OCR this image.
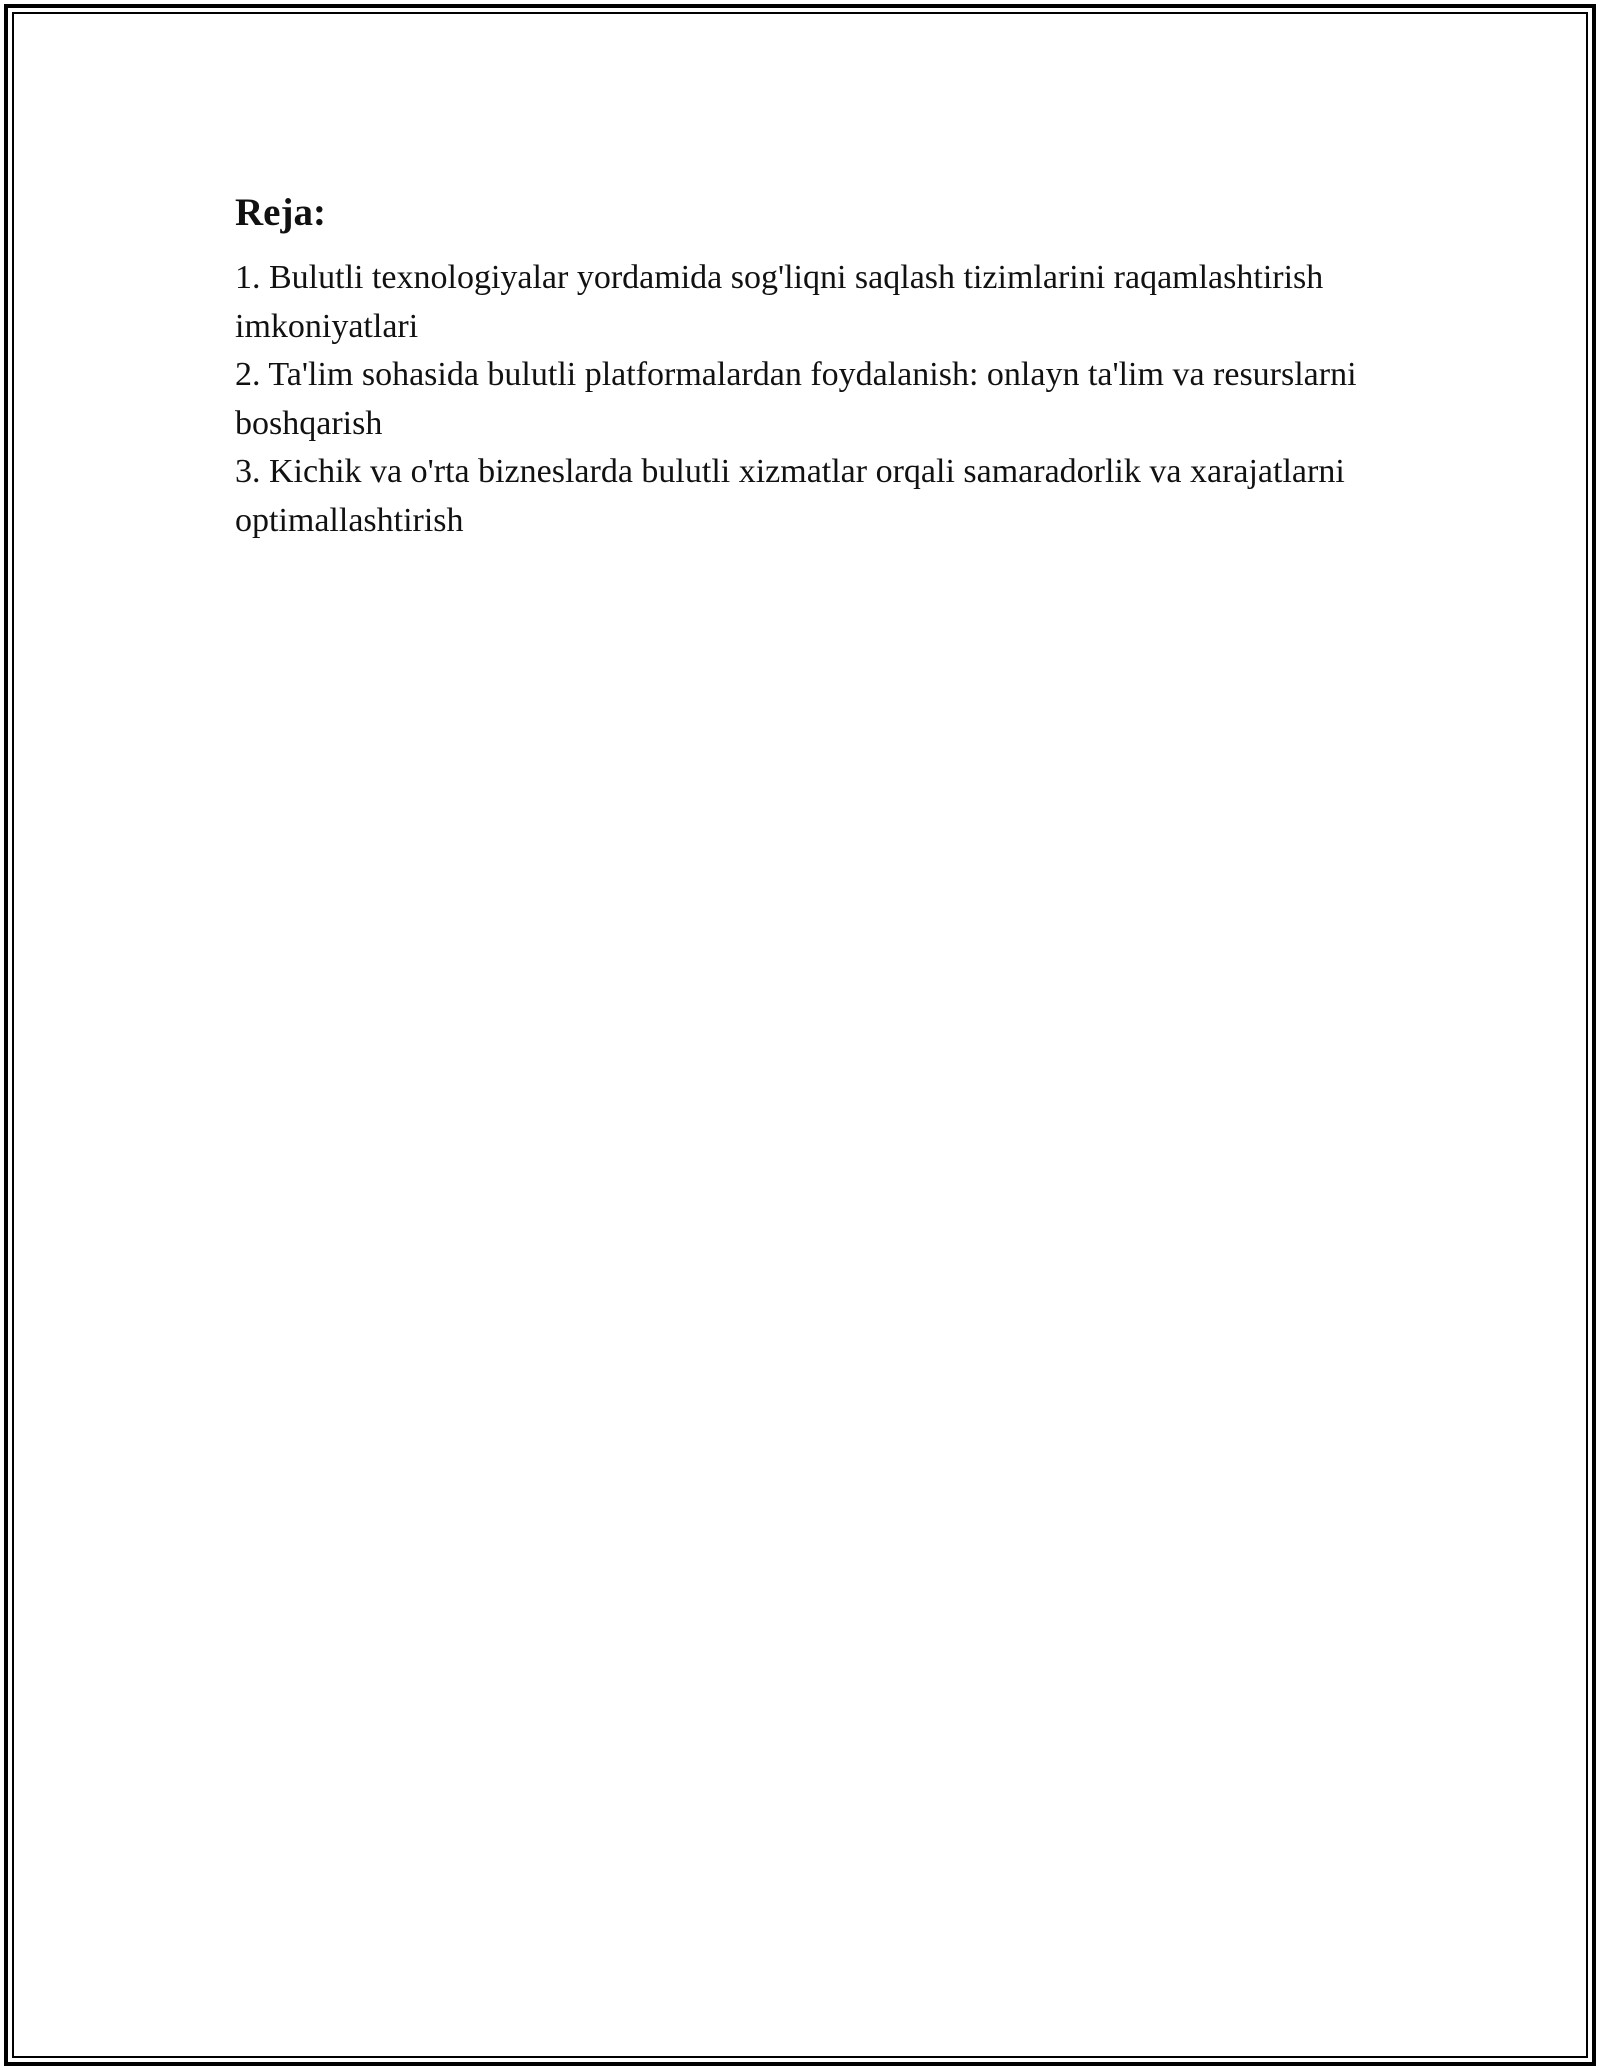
Reja:
1. Bulutli texnologiyalar yordamida sog'liqni saqlash tizimlarini raqamlashtirish imkoniyatlari
2. Ta'lim sohasida bulutli platformalardan foydalanish: onlayn ta'lim va resurslarni boshqarish
3. Kichik va o'rta bizneslarda bulutli xizmatlar orqali samaradorlik va xarajatlarni optimallashtirish
